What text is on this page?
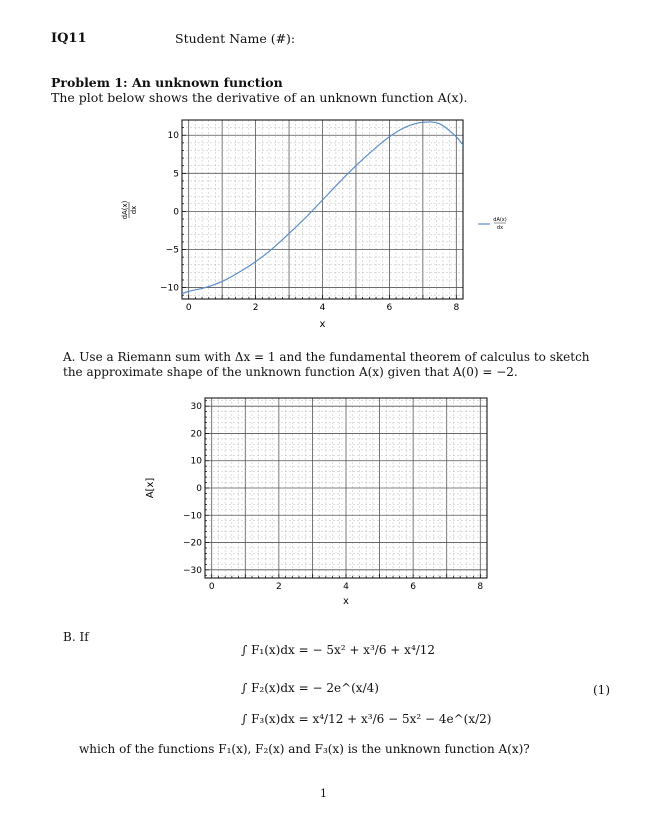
IQ11	Student Name (#):
Problem 1: An unknown function
The plot below shows the derivative of an unknown function A(x).
0	2	4	6	8
−10
−5
0
5
10
x
dA(x) dx
dA(x)
dx
A. Use a Riemann sum with Δx = 1 and the fundamental theorem of calculus to sketch the approximate shape of the unknown function A(x) given that A(0) = −2.
0	2	4	6	8
30
20
10
0
−10
−20
−30
x
A[x]
B. If
∫ F₁(x)dx = − 5x² + x³/6 + x⁴/12
∫ F₂(x)dx = − 2e^(x/4)
∫ F₃(x)dx = x⁴/12 + x³/6 − 5x² − 4e^(x/2)
(1)
which of the functions F₁(x), F₂(x) and F₃(x) is the unknown function A(x)?
1
